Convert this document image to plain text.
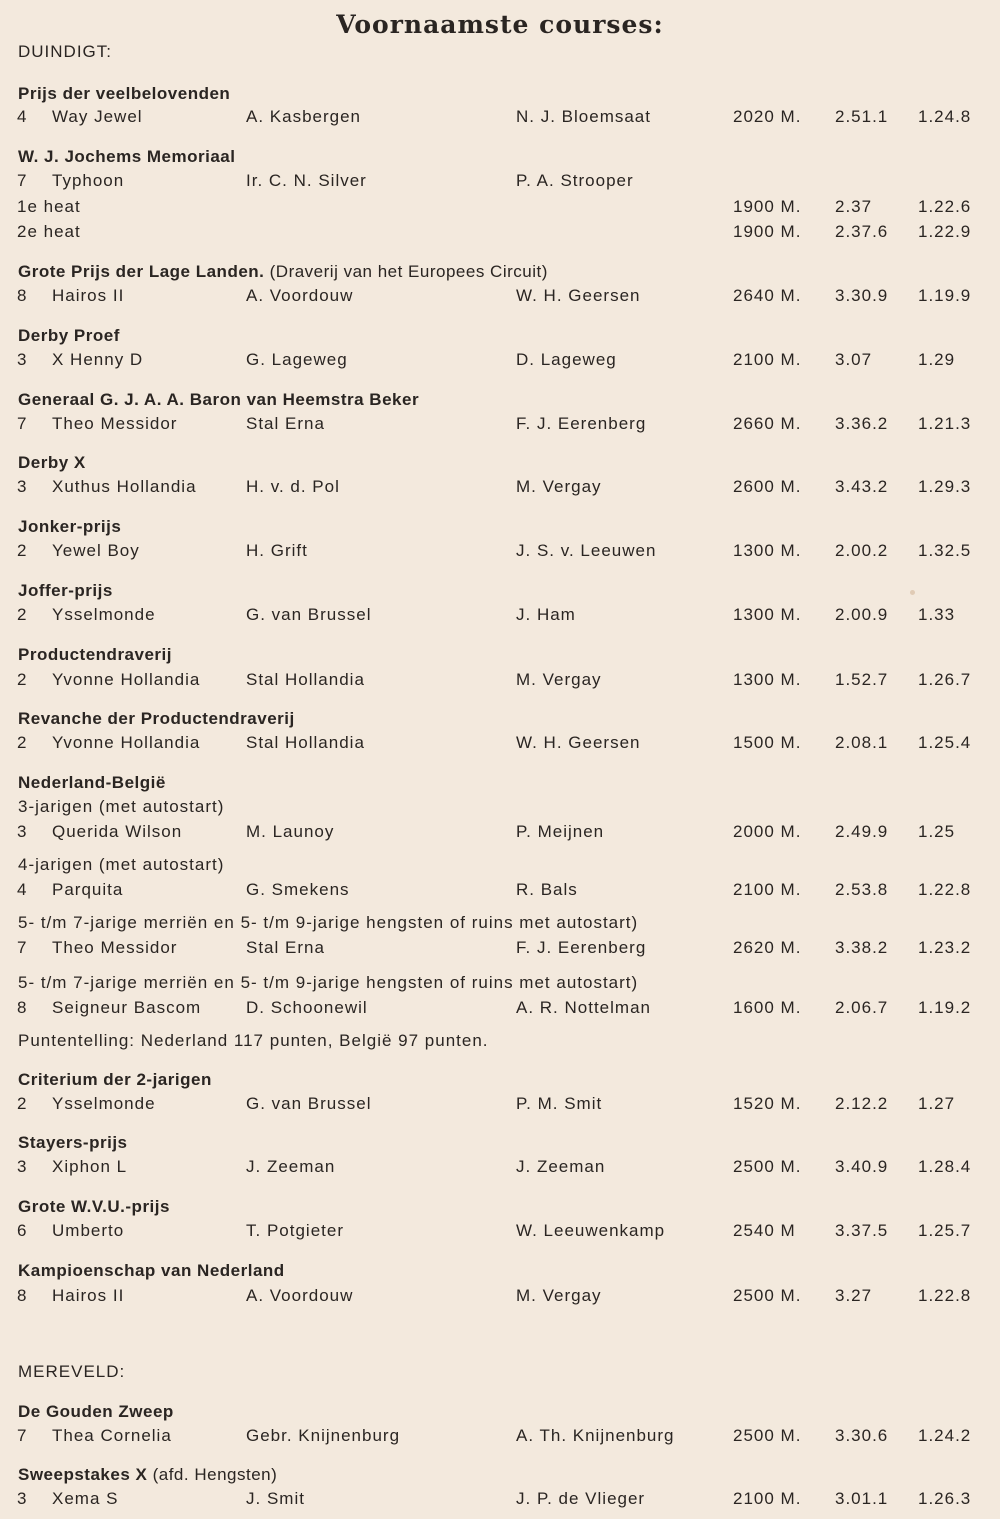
Voornaamste courses:
DUINDIGT:
Prijs der veelbelovenden
4 Way Jewel	A. Kasbergen	N. J. Bloemsaat	2020 M. 2.51.1 1.24.8
W. J. Jochems Memoriaal
7 Typhoon	Ir. C. N. Silver	P. A. Strooper
1e heat	1900 M. 2.37	1.22.6
2e heat	1900 M. 2.37.6 1.22.9
Grote Prijs der Lage Landen. (Draverij van het Europees Circuit)
8 Hairos II	A. Voordouw	W. H. Geersen	2640 M. 3.30.9 1.19.9
Derby Proef
3 X Henny D	G. Lageweg	D. Lageweg	2100 M. 3.07	1.29
Generaal G. J. A. A. Baron van Heemstra Beker
7 Theo Messidor	Stal Erna	F. J. Eerenberg	2660 M. 3.36.2 1.21.3
Derby X
3 Xuthus Hollandia	H. v. d. Pol	M. Vergay	2600 M. 3.43.2 1.29.3
Jonker-prijs
2 Yewel Boy	H. Grift	J. S. v. Leeuwen	1300 M. 2.00.2 1.32.5
Joffer-prijs
2 Ysselmonde	G. van Brussel	J. Ham	1300 M. 2.00.9 1.33
Productendraverij
2 Yvonne Hollandia	Stal Hollandia	M. Vergay	1300 M. 1.52.7 1.26.7
Revanche der Productendraverij
2 Yvonne Hollandia	Stal Hollandia	W. H. Geersen	1500 M. 2.08.1 1.25.4
Nederland-België
3-jarigen (met autostart)
3 Querida Wilson	M. Launoy	P. Meijnen	2000 M. 2.49.9 1.25
4-jarigen (met autostart)
4 Parquita	G. Smekens	R. Bals	2100 M. 2.53.8 1.22.8
5- t/m 7-jarige merriën en 5- t/m 9-jarige hengsten of ruins met autostart)
7 Theo Messidor	Stal Erna	F. J. Eerenberg	2620 M. 3.38.2 1.23.2
5- t/m 7-jarige merriën en 5- t/m 9-jarige hengsten of ruins met autostart)
8 Seigneur Bascom	D. Schoonewil	A. R. Nottelman	1600 M. 2.06.7 1.19.2
Puntentelling: Nederland 117 punten, België 97 punten.
Criterium der 2-jarigen
2 Ysselmonde	G. van Brussel	P. M. Smit	1520 M. 2.12.2 1.27
Stayers-prijs
3 Xiphon L	J. Zeeman	J. Zeeman	2500 M. 3.40.9 1.28.4
Grote W.V.U.-prijs
6 Umberto	T. Potgieter	W. Leeuwenkamp	2540 M 3.37.5 1.25.7
Kampioenschap van Nederland
8 Hairos II	A. Voordouw	M. Vergay	2500 M. 3.27	1.22.8
MEREVELD:
De Gouden Zweep
7 Thea Cornelia	Gebr. Knijnenburg	A. Th. Knijnenburg	2500 M. 3.30.6 1.24.2
Sweepstakes X (afd. Hengsten)
3 Xema S	J. Smit	J. P. de Vlieger	2100 M. 3.01.1 1.26.3
